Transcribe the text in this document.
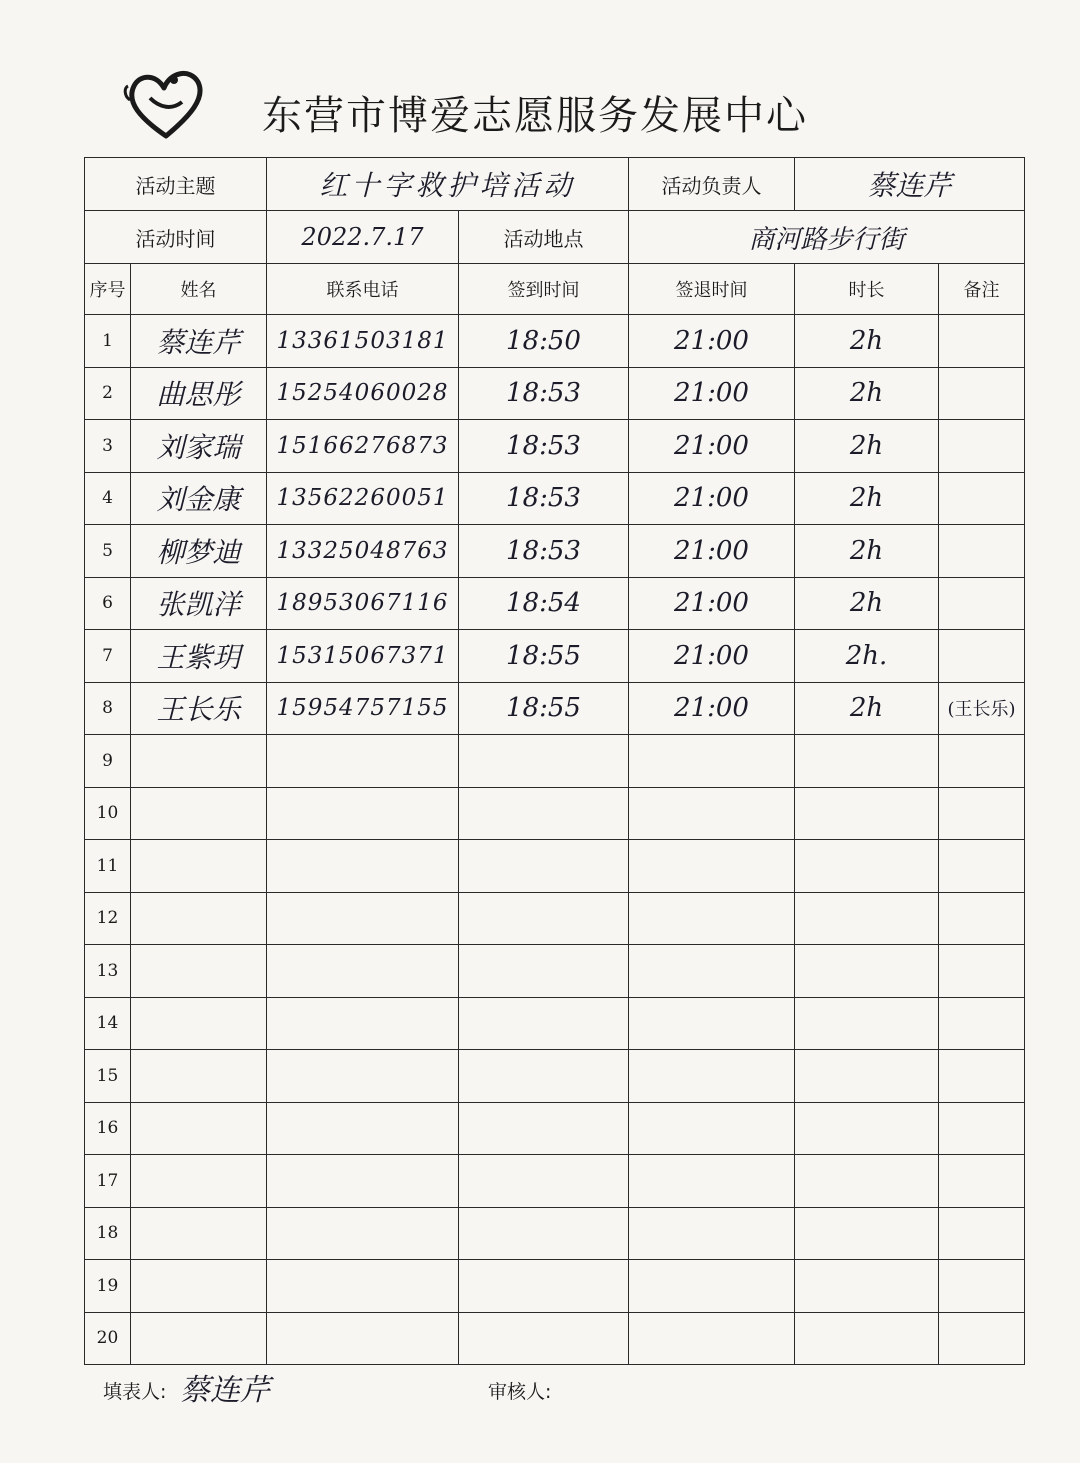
东营市博爱志愿服务发展中心
活动主题		红十字救护培活动		活动负责人	蔡连芹	
活动时间		2022.7.17	活动地点	商河路步行街		
序号	姓名	联系电话	签到时间	签退时间	时长	备注
1	蔡连芹	13361503181	18:50	21:00	2h	
2	曲思彤	15254060028	18:53	21:00	2h	
3	刘家瑞	15166276873	18:53	21:00	2h	
4	刘金康	13562260051	18:53	21:00	2h	
5	柳梦迪	13325048763	18:53	21:00	2h	
6	张凯洋	18953067116	18:54	21:00	2h	
7	王紫玥	15315067371	18:55	21:00	2h.	
8	王长乐	15954757155	18:55	21:00	2h	(王长乐)
9						
10						
11						
12						
13						
14						
15						
16						
17						
18						
19						
20						
填表人: 蔡连芹	审核人:
